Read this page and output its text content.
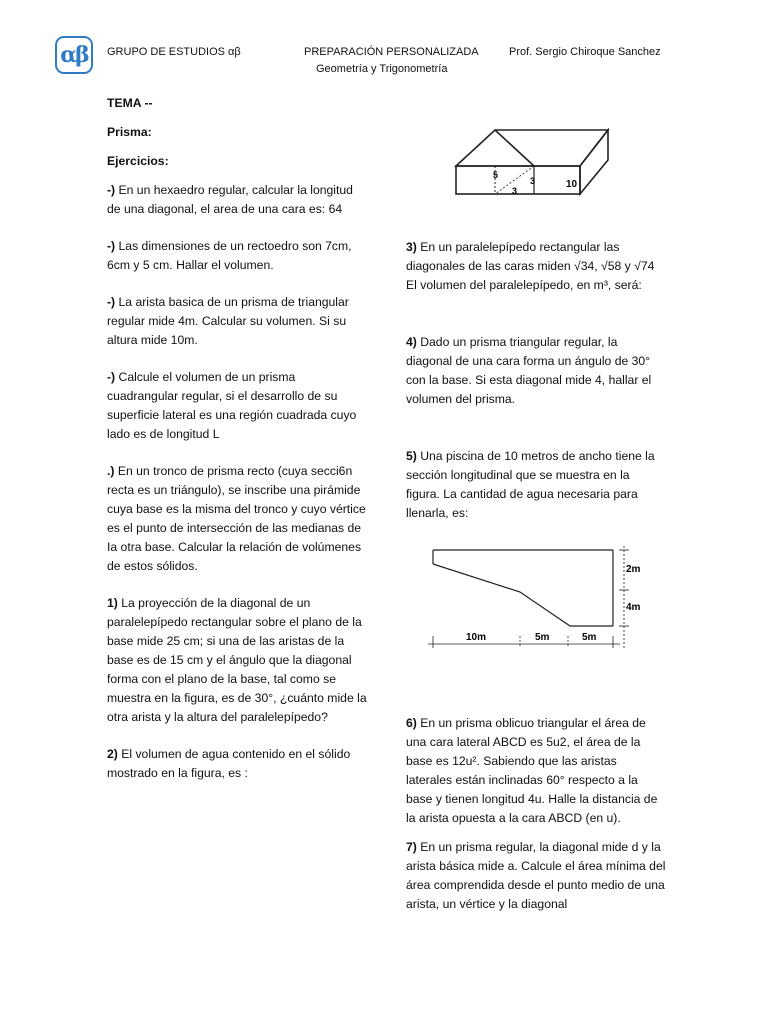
αβ	GRUPO DE ESTUDIOS αβ	PREPARACIÓN PERSONALIZADA
Geometría y Trigonometría
Prof. Sergio Chiroque Sanchez

TEMA --

Prisma:

Ejercicios:

-) En un hexaedro regular, calcular la longitud de una diagonal, el area de una cara es: 64

-) Las dimensiones de un rectoedro son 7cm, 6cm y 5 cm. Hallar el volumen.

-) La arista basica de un prisma de triangular regular mide 4m. Calcular su volumen. Si su altura mide 10m.

-) Calcule el volumen de un prisma cuadrangular regular, si el desarrollo de su superficie lateral es una región cuadrada cuyo lado es de longitud L

.) En un tronco de prisma recto (cuya secci6n recta es un triángulo), se inscribe una pirámide cuya base es la misma del tronco y cuyo vértice es el punto de intersección de las medianas de Ia otra base. Calcular la relación de volúmenes de estos sólidos.

1) La proyección de la diagonal de un paralelepípedo rectangular sobre el plano de la base mide 25 cm; si una de las aristas de la base es de 15 cm y el ángulo que la diagonal forma con el plano de la base, tal como se muestra en la figura, es de 30°, ¿cuánto mide la otra arista y la altura del paralelepípedo?

2) El volumen de agua contenido en el sólido mostrado en la figura, es :

5
3
3	10

3) En un paralelepípedo rectangular las diagonales de las caras miden √34, √58 y √74 El volumen del paralelepípedo, en m³, será:

4) Dado un prisma triangular regular, la diagonal de una cara forma un ángulo de 30° con la base. Si esta diagonal mide 4, hallar el volumen del prisma.

5) Una piscina de 10 metros de ancho tiene la sección longitudinal que se muestra en la figura. La cantidad de agua necesaria para llenarla, es:

10m	5m	5m
2m
4m

6) En un prisma oblicuo triangular el área de una cara lateral ABCD es 5u2, el área de la base es 12u². Sabiendo que las aristas laterales están inclinadas 60° respecto a la base y tienen longitud 4u. Halle la distancia de la arista opuesta a la cara ABCD (en u).

7) En un prisma regular, la diagonal mide d y la arista básica mide a. Calcule el área mínima del área comprendida desde el punto medio de una arista, un vértice y la diagonal
